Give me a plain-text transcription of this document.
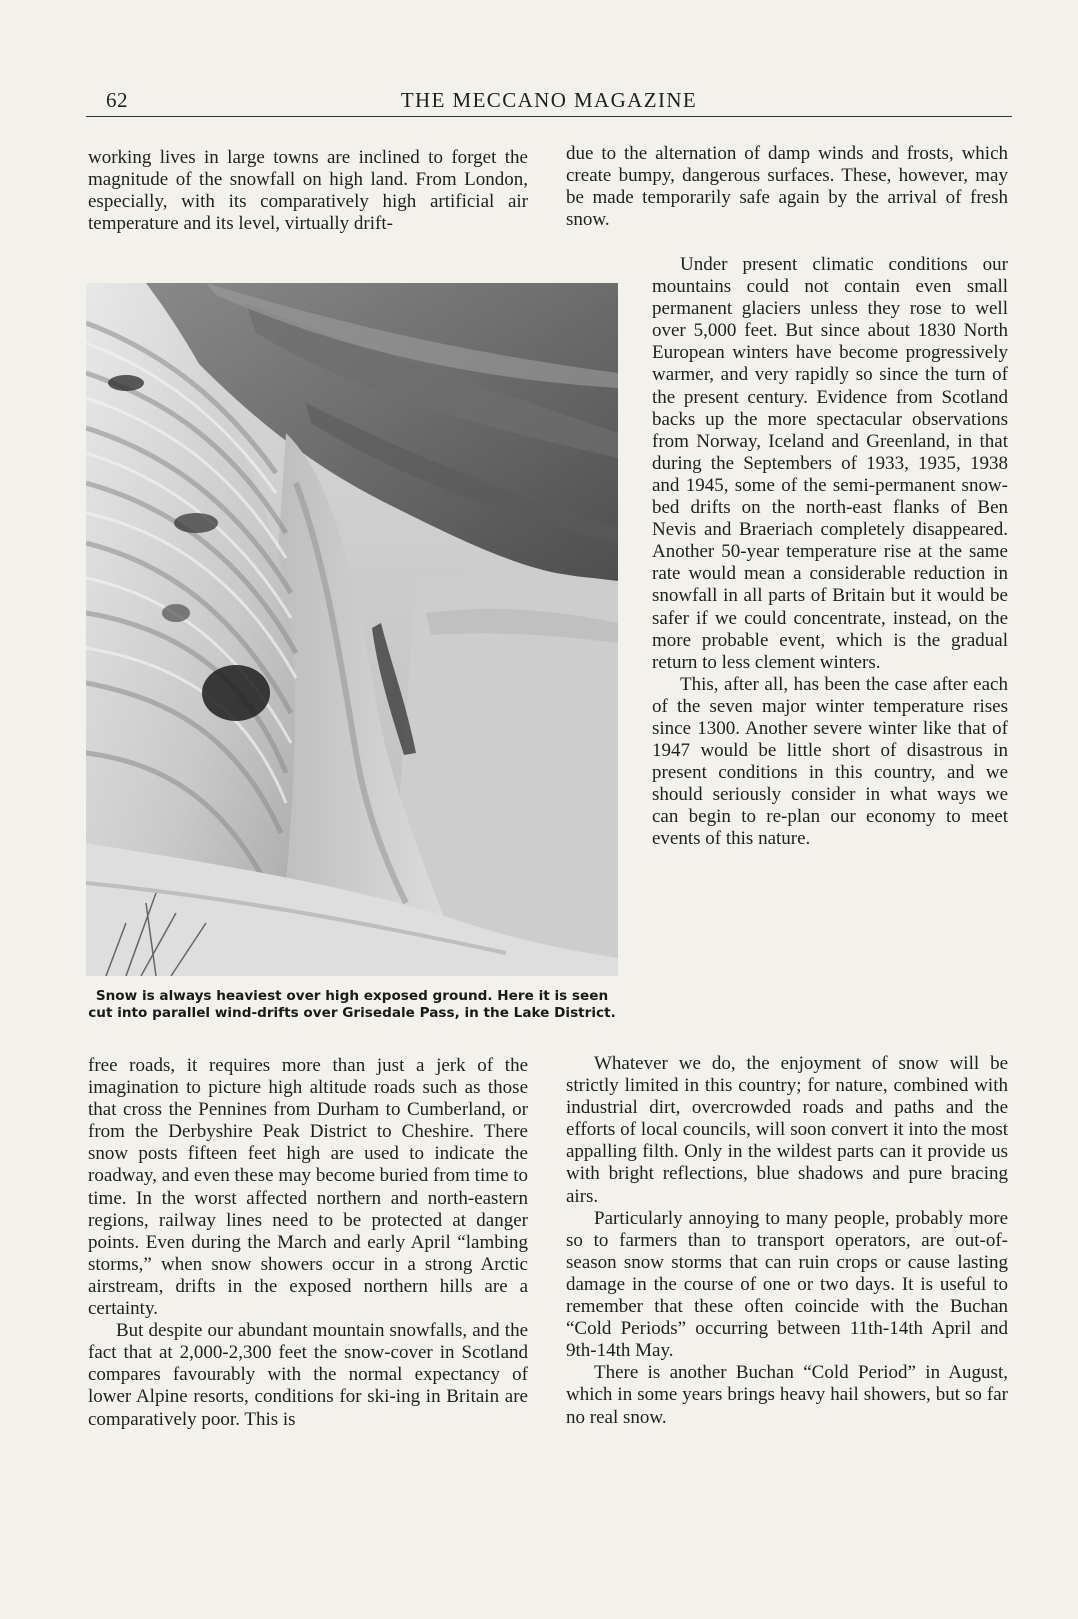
62	THE MECCANO MAGAZINE

working lives in large towns are inclined to forget the magnitude of the snowfall on high land. From London, especially, with its comparatively high artificial air temperature and its level, virtually drift-

Snow is always heaviest over high exposed ground. Here it is seen cut into parallel wind-drifts over Grisedale Pass, in the Lake District.

free roads, it requires more than just a jerk of the imagination to picture high altitude roads such as those that cross the Pennines from Durham to Cumberland, or from the Derbyshire Peak District to Cheshire. There snow posts fifteen feet high are used to indicate the roadway, and even these may become buried from time to time. In the worst affected northern and north-eastern regions, railway lines need to be protected at danger points. Even during the March and early April “lambing storms,” when snow showers occur in a strong Arctic airstream, drifts in the exposed northern hills are a certainty.

But despite our abundant mountain snowfalls, and the fact that at 2,000-2,300 feet the snow-cover in Scotland compares favourably with the normal expectancy of lower Alpine resorts, conditions for ski-ing in Britain are comparatively poor. This is

due to the alternation of damp winds and frosts, which create bumpy, dangerous surfaces. These, however, may be made temporarily safe again by the arrival of fresh snow.

Under present climatic conditions our mountains could not contain even small permanent glaciers unless they rose to well over 5,000 feet. But since about 1830 North European winters have become progressively warmer, and very rapidly so since the turn of the present century. Evidence from Scotland backs up the more spectacular observations from Norway, Iceland and Greenland, in that during the Septembers of 1933, 1935, 1938 and 1945, some of the semi-permanent snow-bed drifts on the north-east flanks of Ben Nevis and Braeriach completely disappeared. Another 50-year temperature rise at the same rate would mean a considerable reduction in snowfall in all parts of Britain but it would be safer if we could concentrate, instead, on the more probable event, which is the gradual return to less clement winters.

This, after all, has been the case after each of the seven major winter temperature rises since 1300. Another severe winter like that of 1947 would be little short of disastrous in present conditions in this country, and we should seriously consider in what ways we can begin to re-plan our economy to meet events of this nature.

Whatever we do, the enjoyment of snow will be strictly limited in this country; for nature, combined with industrial dirt, overcrowded roads and paths and the efforts of local councils, will soon convert it into the most appalling filth. Only in the wildest parts can it provide us with bright reflections, blue shadows and pure bracing airs.

Particularly annoying to many people, probably more so to farmers than to transport operators, are out-of-season snow storms that can ruin crops or cause lasting damage in the course of one or two days. It is useful to remember that these often coincide with the Buchan “Cold Periods” occurring between 11th-14th April and 9th-14th May.

There is another Buchan “Cold Period” in August, which in some years brings heavy hail showers, but so far no real snow.
